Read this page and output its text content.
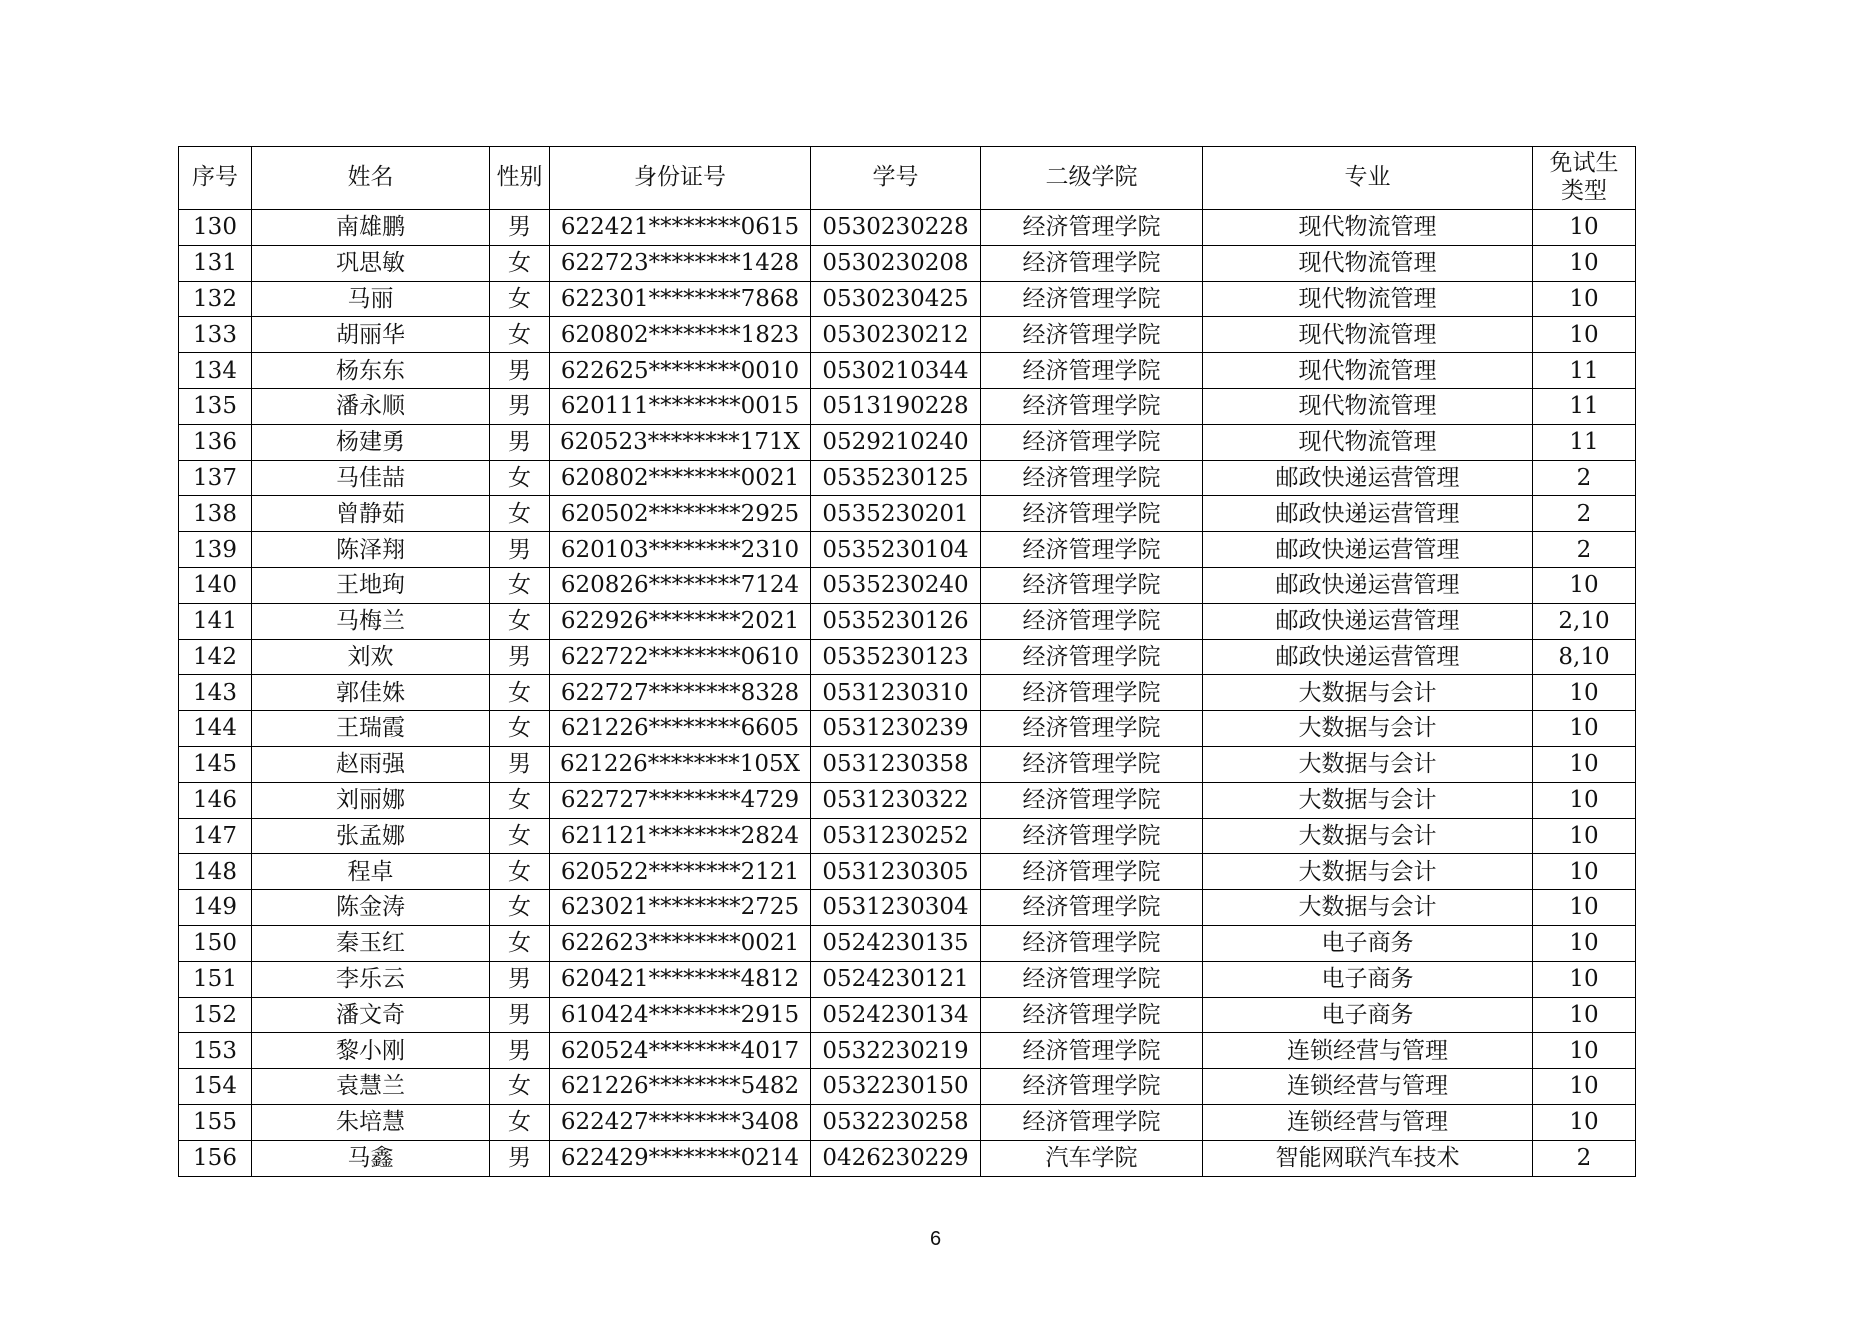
序号	姓名	性别	身份证号	学号	二级学院	专业	免试生类型
130	南雄鹏	男	622421********0615	0530230228	经济管理学院	现代物流管理	10
131	巩思敏	女	622723********1428	0530230208	经济管理学院	现代物流管理	10
132	马丽	女	622301********7868	0530230425	经济管理学院	现代物流管理	10
133	胡丽华	女	620802********1823	0530230212	经济管理学院	现代物流管理	10
134	杨东东	男	622625********0010	0530210344	经济管理学院	现代物流管理	11
135	潘永顺	男	620111********0015	0513190228	经济管理学院	现代物流管理	11
136	杨建勇	男	620523********171X	0529210240	经济管理学院	现代物流管理	11
137	马佳喆	女	620802********0021	0535230125	经济管理学院	邮政快递运营管理	2
138	曾静茹	女	620502********2925	0535230201	经济管理学院	邮政快递运营管理	2
139	陈泽翔	男	620103********2310	0535230104	经济管理学院	邮政快递运营管理	2
140	王地珣	女	620826********7124	0535230240	经济管理学院	邮政快递运营管理	10
141	马梅兰	女	622926********2021	0535230126	经济管理学院	邮政快递运营管理	2,10
142	刘欢	男	622722********0610	0535230123	经济管理学院	邮政快递运营管理	8,10
143	郭佳姝	女	622727********8328	0531230310	经济管理学院	大数据与会计	10
144	王瑞霞	女	621226********6605	0531230239	经济管理学院	大数据与会计	10
145	赵雨强	男	621226********105X	0531230358	经济管理学院	大数据与会计	10
146	刘丽娜	女	622727********4729	0531230322	经济管理学院	大数据与会计	10
147	张孟娜	女	621121********2824	0531230252	经济管理学院	大数据与会计	10
148	程卓	女	620522********2121	0531230305	经济管理学院	大数据与会计	10
149	陈金涛	女	623021********2725	0531230304	经济管理学院	大数据与会计	10
150	秦玉红	女	622623********0021	0524230135	经济管理学院	电子商务	10
151	李乐云	男	620421********4812	0524230121	经济管理学院	电子商务	10
152	潘文奇	男	610424********2915	0524230134	经济管理学院	电子商务	10
153	黎小刚	男	620524********4017	0532230219	经济管理学院	连锁经营与管理	10
154	袁慧兰	女	621226********5482	0532230150	经济管理学院	连锁经营与管理	10
155	朱培慧	女	622427********3408	0532230258	经济管理学院	连锁经营与管理	10
156	马鑫	男	622429********0214	0426230229	汽车学院	智能网联汽车技术	2
6
